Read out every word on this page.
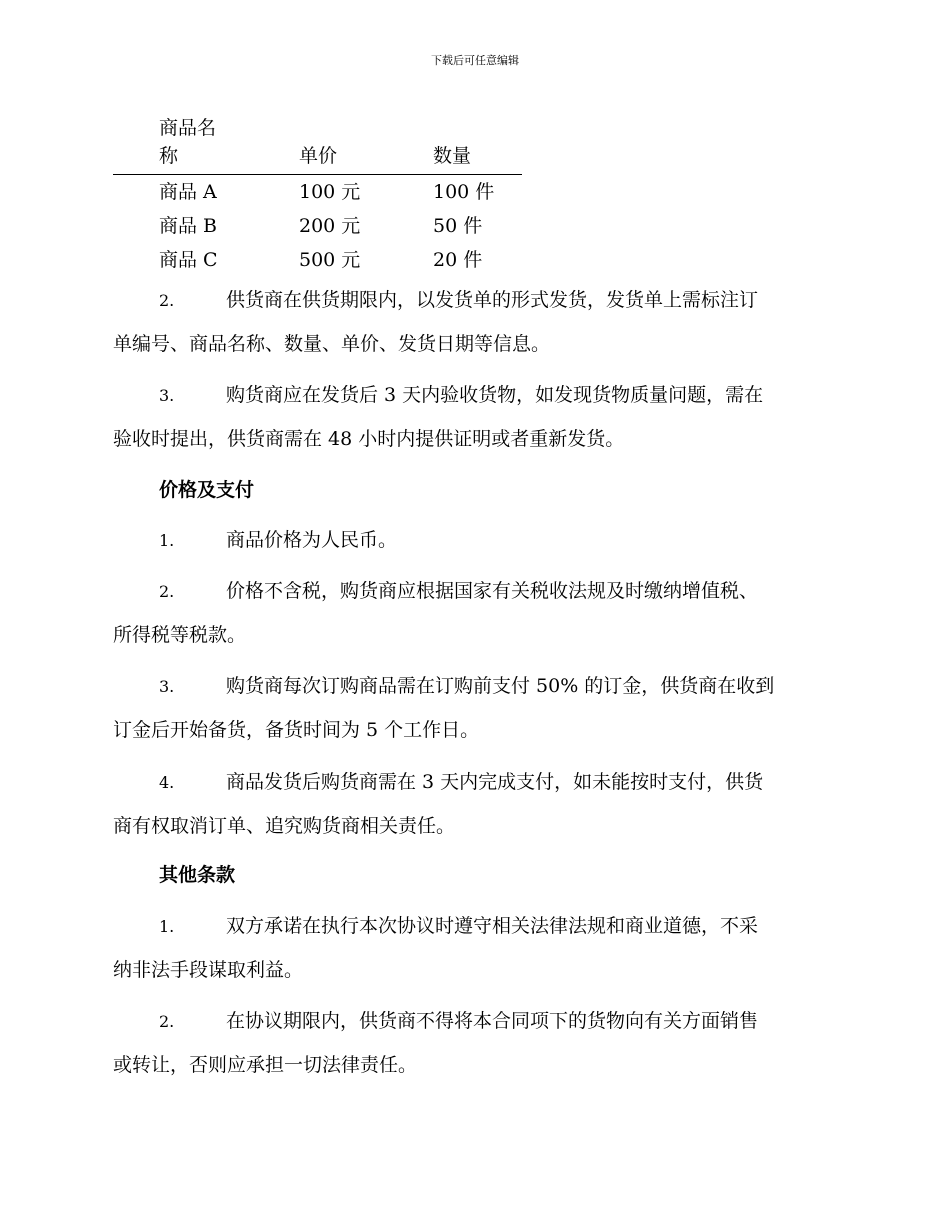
下载后可任意编辑
商品名
称	单价	数量
商品 A	100 元	100 件
商品 B	200 元	50 件
商品 C	500 元	20 件
2.	供货商在供货期限内，以发货单的形式发货，发货单上需标注订
单编号、商品名称、数量、单价、发货日期等信息。
3.	购货商应在发货后 3 天内验收货物，如发现货物质量问题，需在
验收时提出，供货商需在 48 小时内提供证明或者重新发货。
价格及支付
1.	商品价格为人民币。
2.	价格不含税，购货商应根据国家有关税收法规及时缴纳增值税、
所得税等税款。
3.	购货商每次订购商品需在订购前支付 50% 的订金，供货商在收到
订金后开始备货，备货时间为 5 个工作日。
4.	商品发货后购货商需在 3 天内完成支付，如未能按时支付，供货
商有权取消订单、追究购货商相关责任。
其他条款
1.	双方承诺在执行本次协议时遵守相关法律法规和商业道德，不采
纳非法手段谋取利益。
2.	在协议期限内，供货商不得将本合同项下的货物向有关方面销售
或转让，否则应承担一切法律责任。
